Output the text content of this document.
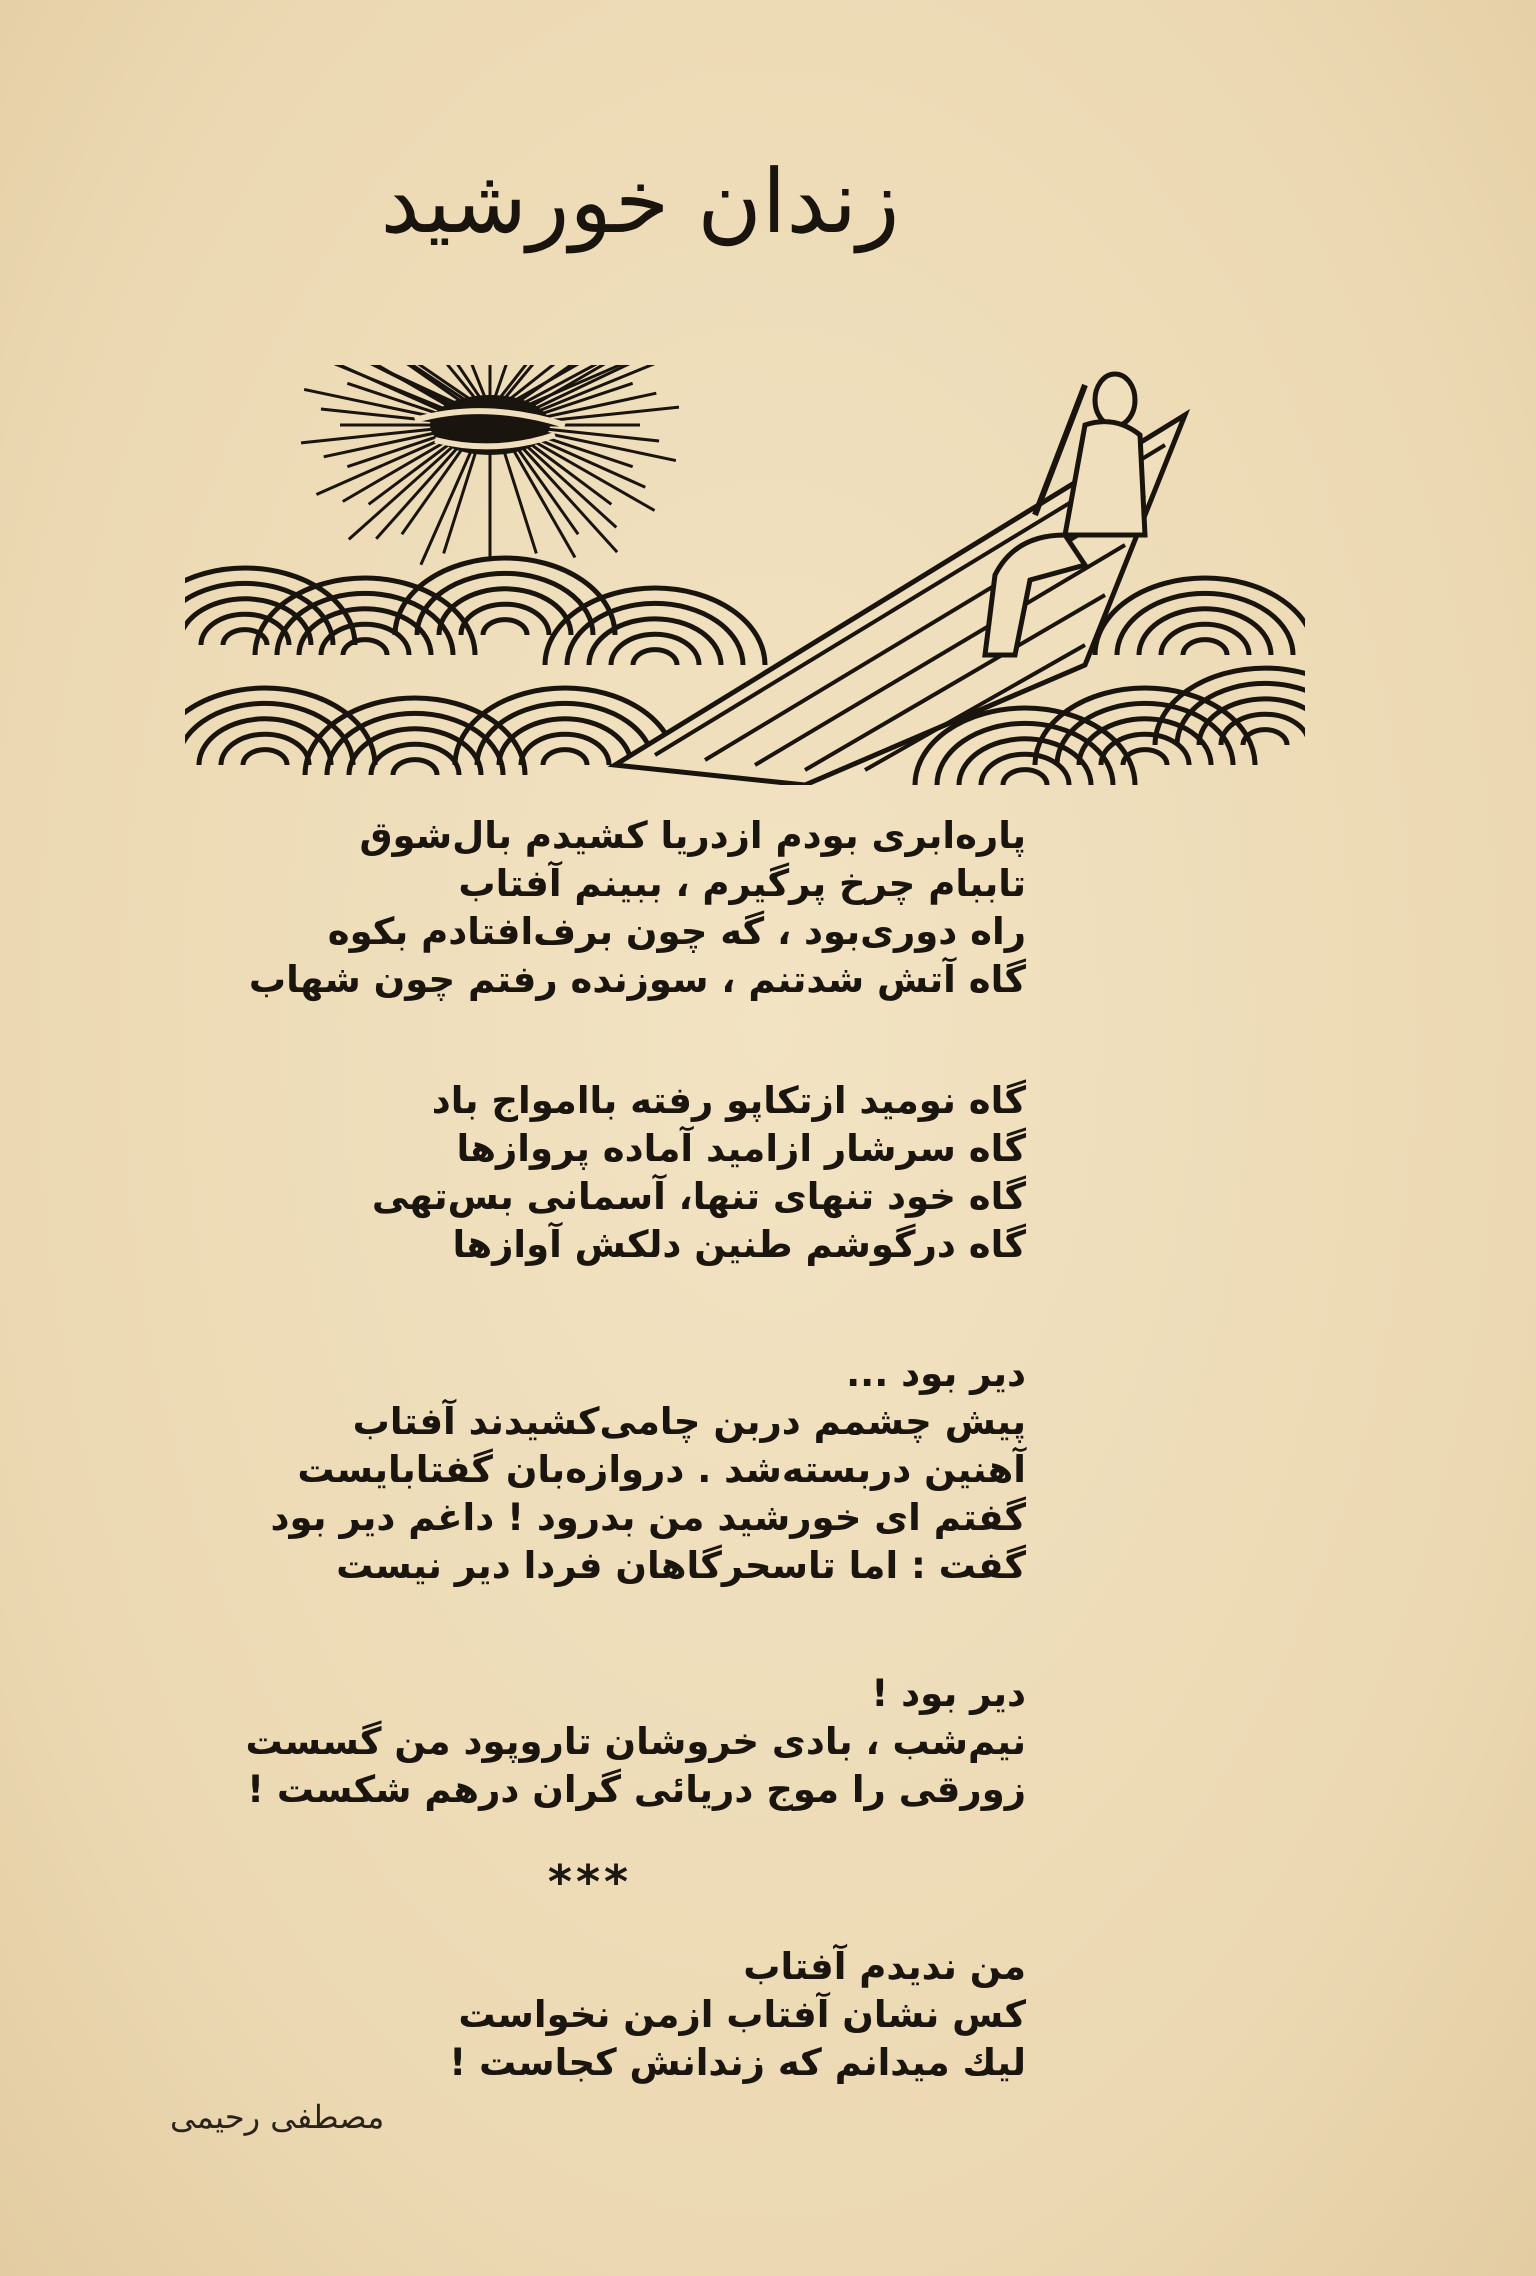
زندان خورشید
پاره‌ابری بودم ازدریا کشیدم بال‌شوق
تاببام چرخ پرگیرم ، ببینم آفتاب
راه دوری‌بود ، گه چون برف‌افتادم بکوه
گاه آتش شدتنم ، سوزنده رفتم چون شهاب
گاه نومید ازتکاپو رفته باامواج باد
گاه سرشار ازامید آماده پروازها
گاه خود تنهای تنها، آسمانی بس‌تهی
گاه درگوشم طنین دلکش آوازها
دیر بود ...
پیش چشمم دربن چامی‌کشیدند آفتاب
آهنین دربسته‌شد . دروازه‌بان گفتابایست
گفتم ای خورشید من بدرود ! داغم دیر بود
گفت : اما تاسحرگاهان فردا دیر نیست
دیر بود !
نیم‌شب ، بادی خروشان تاروپود من گسست
زورقی را موج دریائی گران درهم شکست !
***
من ندیدم آفتاب
کس نشان آفتاب ازمن نخواست
لیك میدانم که زندانش کجاست !
مصطفی رحیمی
